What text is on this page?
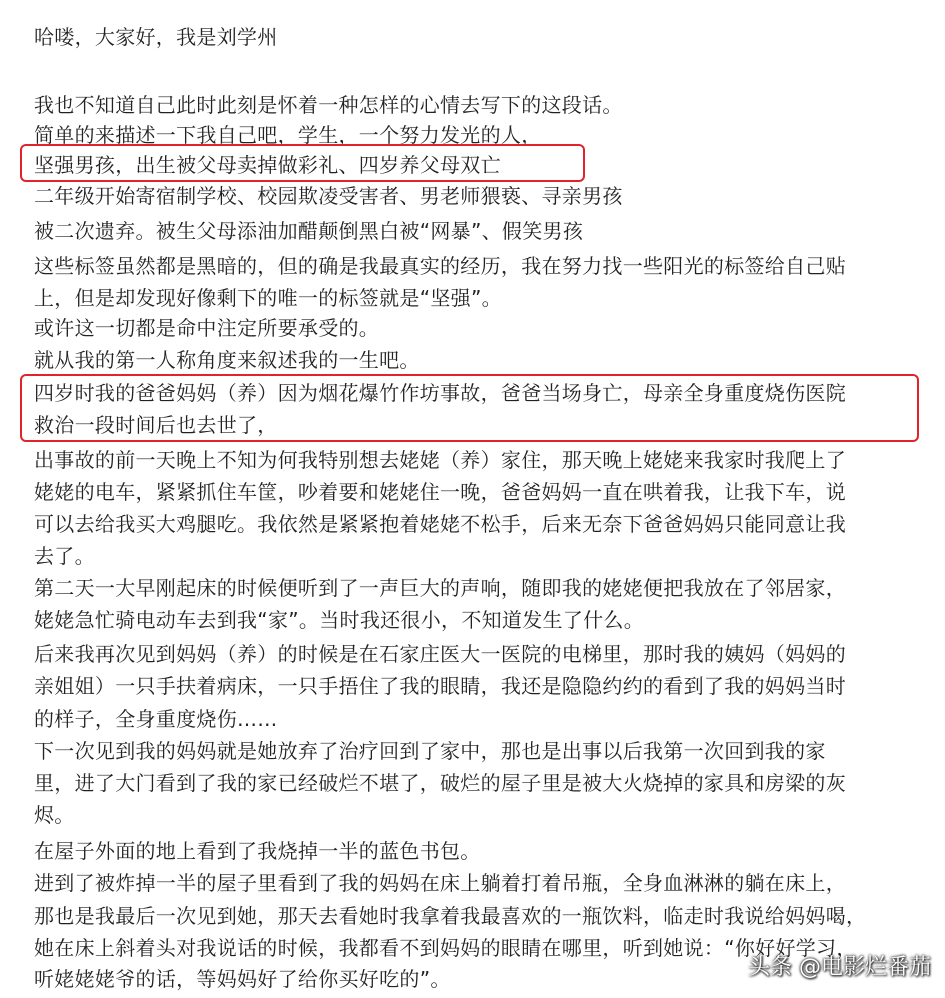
哈喽，大家好，我是刘学州
我也不知道自己此时此刻是怀着一种怎样的心情去写下的这段话。
简单的来描述一下我自己吧，学生，一个努力发光的人，
坚强男孩，出生被父母卖掉做彩礼、四岁养父母双亡
二年级开始寄宿制学校、校园欺凌受害者、男老师猥亵、寻亲男孩
被二次遗弃。被生父母添油加醋颠倒黑白被“网暴”、假笑男孩
这些标签虽然都是黑暗的，但的确是我最真实的经历，我在努力找一些阳光的标签给自己贴
上，但是却发现好像剩下的唯一的标签就是“坚强”。
或许这一切都是命中注定所要承受的。
就从我的第一人称角度来叙述我的一生吧。
四岁时我的爸爸妈妈（养）因为烟花爆竹作坊事故，爸爸当场身亡，母亲全身重度烧伤医院
救治一段时间后也去世了，
出事故的前一天晚上不知为何我特别想去姥姥（养）家住，那天晚上姥姥来我家时我爬上了
姥姥的电车，紧紧抓住车筐，吵着要和姥姥住一晚，爸爸妈妈一直在哄着我，让我下车，说
可以去给我买大鸡腿吃。我依然是紧紧抱着姥姥不松手，后来无奈下爸爸妈妈只能同意让我
去了。
第二天一大早刚起床的时候便听到了一声巨大的声响，随即我的姥姥便把我放在了邻居家，
姥姥急忙骑电动车去到我“家”。当时我还很小，不知道发生了什么。
后来我再次见到妈妈（养）的时候是在石家庄医大一医院的电梯里，那时我的姨妈（妈妈的
亲姐姐）一只手扶着病床，一只手捂住了我的眼睛，我还是隐隐约约的看到了我的妈妈当时
的样子，全身重度烧伤……
下一次见到我的妈妈就是她放弃了治疗回到了家中，那也是出事以后我第一次回到我的家
里，进了大门看到了我的家已经破烂不堪了，破烂的屋子里是被大火烧掉的家具和房梁的灰
烬。
在屋子外面的地上看到了我烧掉一半的蓝色书包。
进到了被炸掉一半的屋子里看到了我的妈妈在床上躺着打着吊瓶，全身血淋淋的躺在床上，
那也是我最后一次见到她，那天去看她时我拿着我最喜欢的一瓶饮料，临走时我说给妈妈喝，
她在床上斜着头对我说话的时候，我都看不到妈妈的眼睛在哪里，听到她说：“你好好学习，
听姥姥姥爷的话，等妈妈好了给你买好吃的”。	头条 @电影烂番茄
